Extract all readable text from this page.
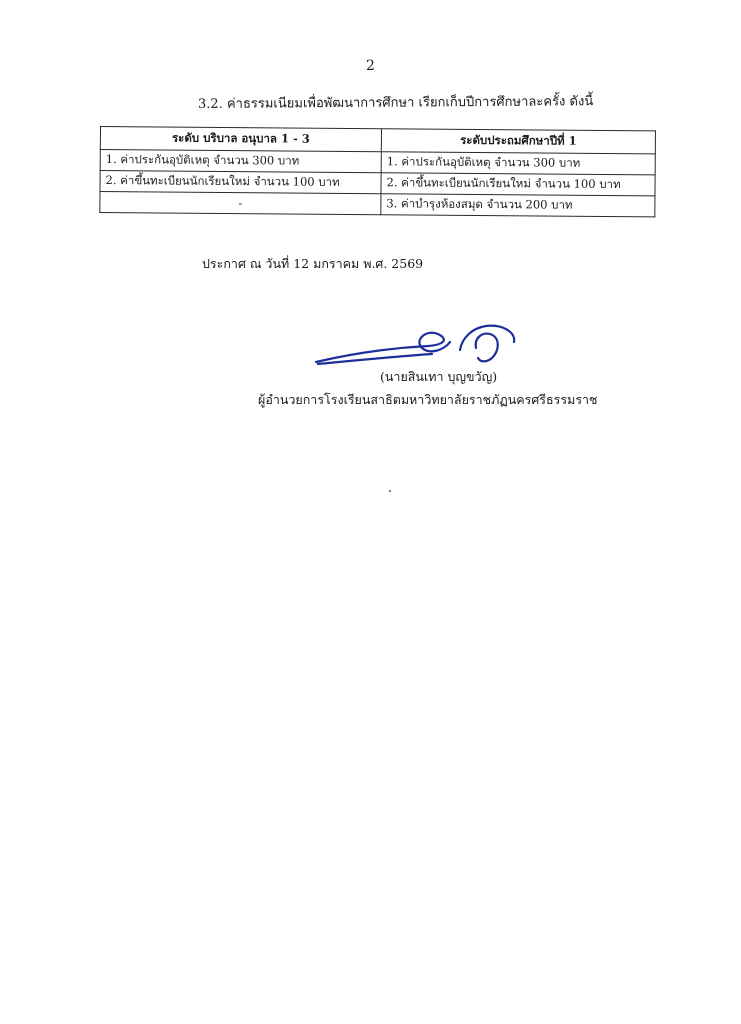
2
3.2. ค่าธรรมเนียมเพื่อพัฒนาการศึกษา เรียกเก็บปีการศึกษาละครั้ง ดังนี้
ระดับ บริบาล อนุบาล 1 - 3	ระดับประถมศึกษาปีที่ 1
1. ค่าประกันอุบัติเหตุ จำนวน 300 บาท	1. ค่าประกันอุบัติเหตุ จำนวน 300 บาท
2. ค่าขึ้นทะเบียนนักเรียนใหม่ จำนวน 100 บาท	2. ค่าขึ้นทะเบียนนักเรียนใหม่ จำนวน 100 บาท
-	3. ค่าบำรุงห้องสมุด จำนวน 200 บาท
ประกาศ ณ วันที่ 12 มกราคม พ.ศ. 2569
(นายสินเทา บุญขวัญ)
ผู้อำนวยการโรงเรียนสาธิตมหาวิทยาลัยราชภัฏนครศรีธรรมราช
